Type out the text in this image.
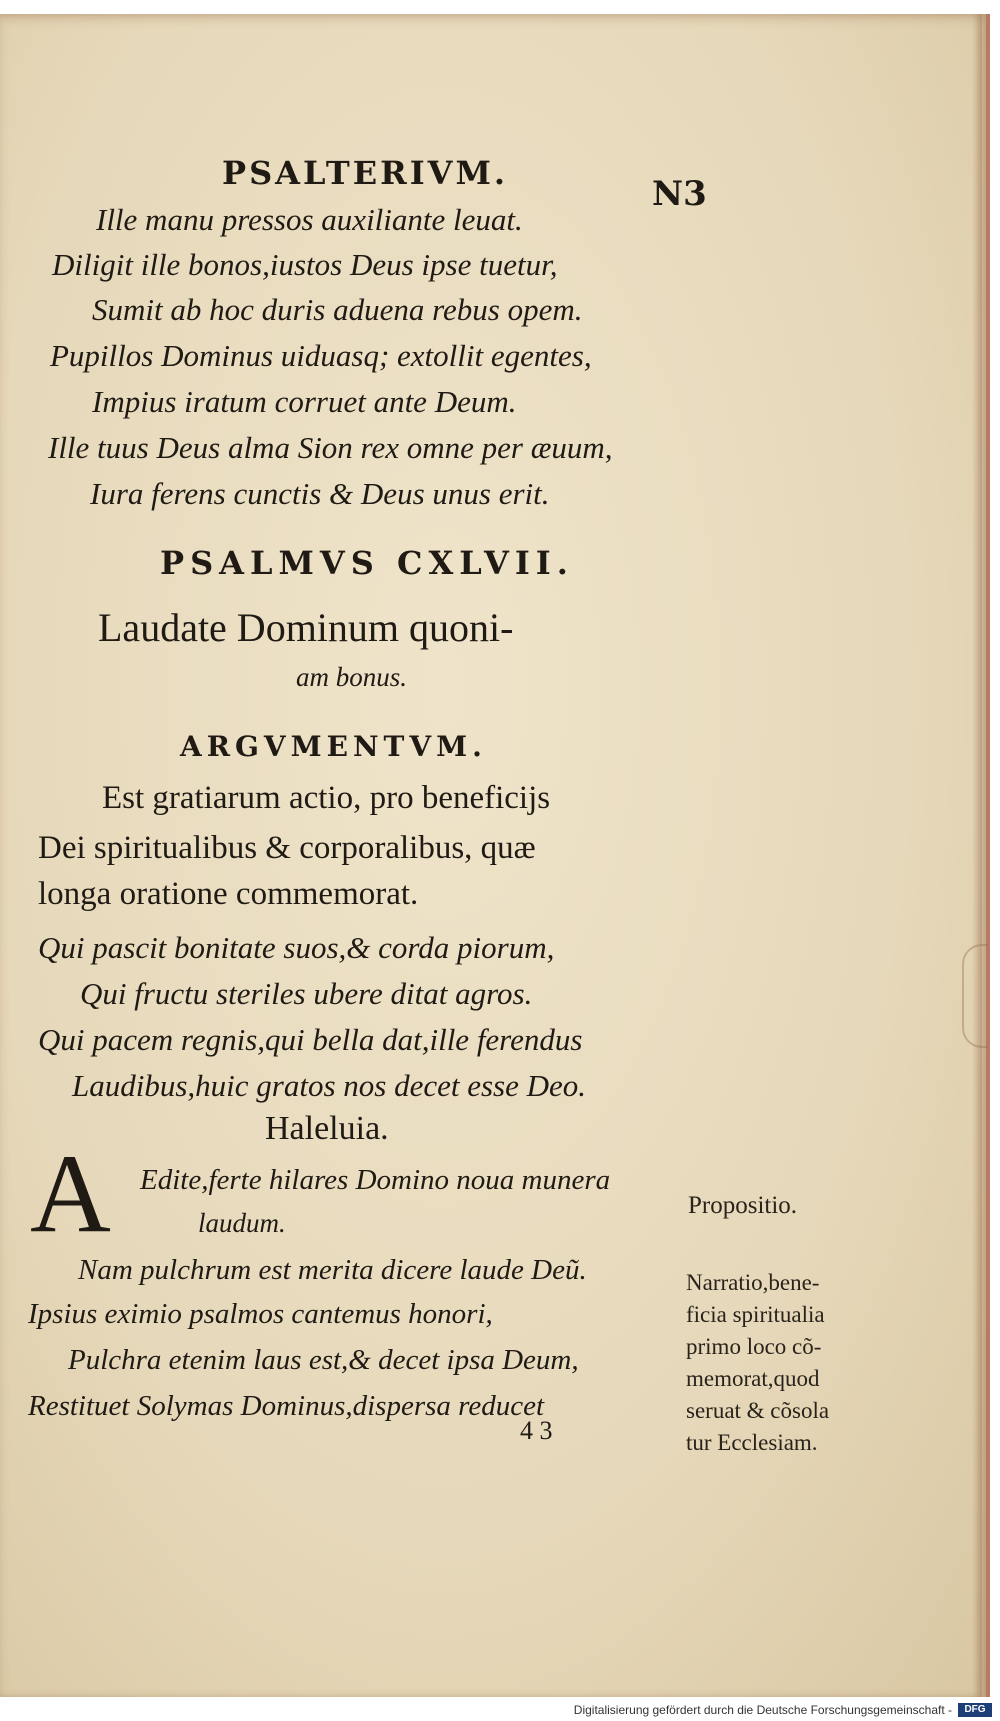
PSALTERIVM.
N3
Ille manu pressos auxiliante leuat.
Diligit ille bonos,iustos Deus ipse tuetur,
Sumit ab hoc duris aduena rebus opem.
Pupillos Dominus uiduasq; extollit egentes,
Impius iratum corruet ante Deum.
Ille tuus Deus alma Sion rex omne per æuum,
Iura ferens cunctis & Deus unus erit.
PSALMVS CXLVII.
Laudate Dominum quoni-
am bonus.
ARGVMENTVM.
Est gratiarum actio, pro beneficijs
Dei spiritualibus & corporalibus, quæ
longa oratione commemorat.
Qui pascit bonitate suos,& corda piorum,
Qui fructu steriles ubere ditat agros.
Qui pacem regnis,qui bella dat,ille ferendus
Laudibus,huic gratos nos decet esse Deo.
Haleluia.
A Edite,ferte hilares Domino noua munera
laudum.
Nam pulchrum est merita dicere laude Deũ.
Ipsius eximio psalmos cantemus honori,
Pulchra etenim laus est,& decet ipsa Deum,
Restituet Solymas Dominus,dispersa reducet
Propositio.
Narratio,bene-
ficia spiritualia
primo loco cõ-
memorat,quod
seruat & cõsola
tur Ecclesiam.
4 3
Digitalisierung gefördert durch die Deutsche Forschungsgemeinschaft -	DFG
